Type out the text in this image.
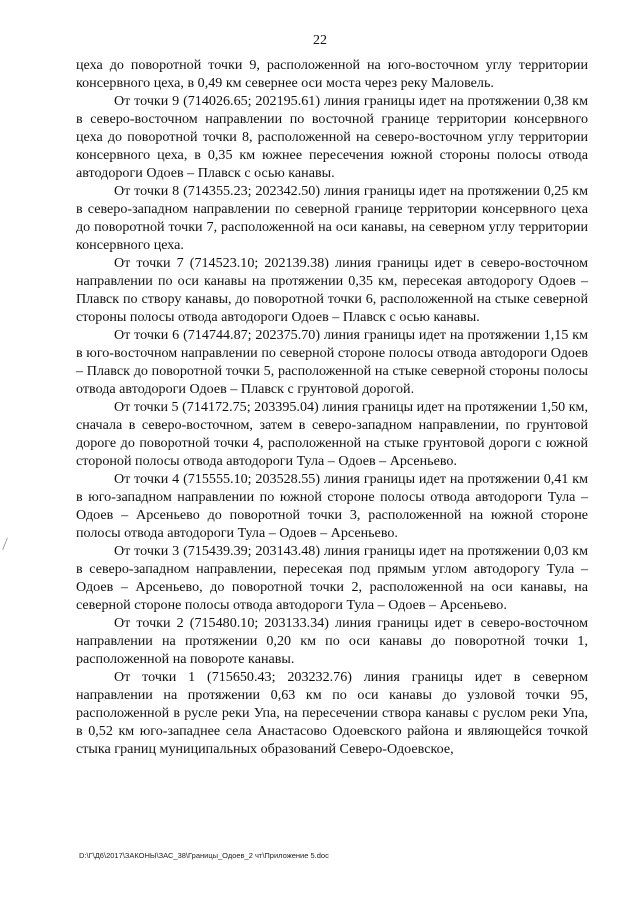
22

цеха до поворотной точки 9, расположенной на юго-восточном углу территории консервного цеха, в 0,49 км севернее оси моста через реку Маловель.

От точки 9 (714026.65; 202195.61) линия границы идет на протяжении 0,38 км в северо-восточном направлении по восточной границе территории консервного цеха до поворотной точки 8, расположенной на северо-восточном углу территории консервного цеха, в 0,35 км южнее пересечения южной стороны полосы отвода автодороги Одоев – Плавск с осью канавы.

От точки 8 (714355.23; 202342.50) линия границы идет на протяжении 0,25 км в северо-западном направлении по северной границе территории консервного цеха до поворотной точки 7, расположенной на оси канавы, на северном углу территории консервного цеха.

От точки 7 (714523.10; 202139.38) линия границы идет в северо-восточном направлении по оси канавы на протяжении 0,35 км, пересекая автодорогу Одоев – Плавск по створу канавы, до поворотной точки 6, расположенной на стыке северной стороны полосы отвода автодороги Одоев – Плавск с осью канавы.

От точки 6 (714744.87; 202375.70) линия границы идет на протяжении 1,15 км в юго-восточном направлении по северной стороне полосы отвода автодороги Одоев – Плавск до поворотной точки 5, расположенной на стыке северной стороны полосы отвода автодороги Одоев – Плавск с грунтовой дорогой.

От точки 5 (714172.75; 203395.04) линия границы идет на протяжении 1,50 км, сначала в северо-восточном, затем в северо-западном направлении, по грунтовой дороге до поворотной точки 4, расположенной на стыке грунтовой дороги с южной стороной полосы отвода автодороги Тула – Одоев – Арсеньево.

От точки 4 (715555.10; 203528.55) линия границы идет на протяжении 0,41 км в юго-западном направлении по южной стороне полосы отвода автодороги Тула – Одоев – Арсеньево до поворотной точки 3, расположенной на южной стороне полосы отвода автодороги Тула – Одоев – Арсеньево.

От точки 3 (715439.39; 203143.48) линия границы идет на протяжении 0,03 км в северо-западном направлении, пересекая под прямым углом автодорогу Тула – Одоев – Арсеньево, до поворотной точки 2, расположенной на оси канавы, на северной стороне полосы отвода автодороги Тула – Одоев – Арсеньево.

От точки 2 (715480.10; 203133.34) линия границы идет в северо-восточном направлении на протяжении 0,20 км по оси канавы до поворотной точки 1, расположенной на повороте канавы.

От точки 1 (715650.43; 203232.76) линия границы идет в северном направлении на протяжении 0,63 км по оси канавы до узловой точки 95, расположенной в русле реки Упа, на пересечении створа канавы с руслом реки Упа, в 0,52 км юго-западнее села Анастасово Одоевского района и являющейся точкой стыка границ муниципальных образований Северо-Одоевское,

⁄
D:\Г\Д6\2017\ЗАКОНЫ\ЗАС_38\Границы_Одоев_2 чт\Приложение 5.doc
